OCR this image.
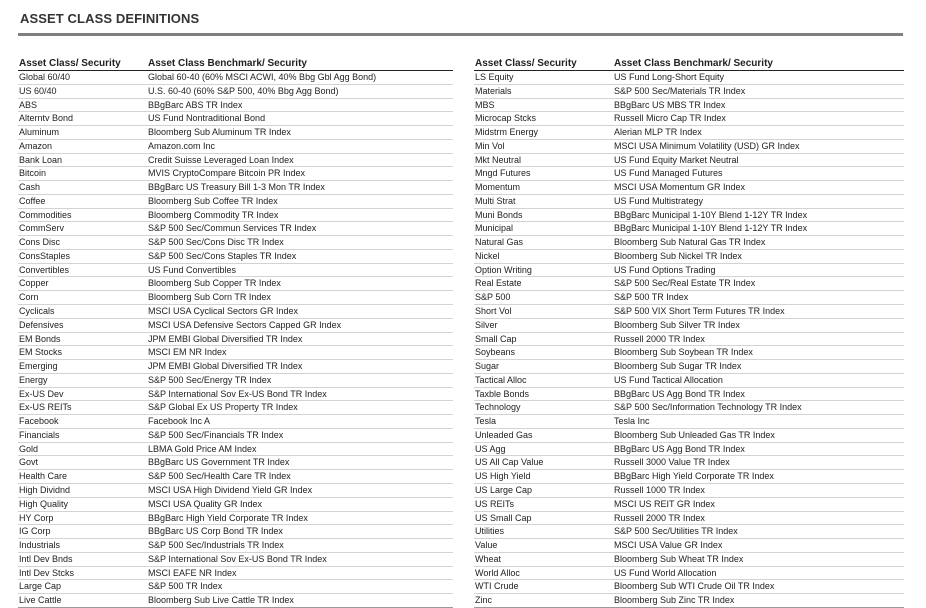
ASSET CLASS DEFINITIONS
Asset Class/ Security	Asset Class Benchmark/ Security
Global 60/40	Global 60-40 (60% MSCI ACWI, 40% Bbg Gbl Agg Bond)
US 60/40	U.S. 60-40 (60% S&P 500, 40% Bbg Agg Bond)
ABS	BBgBarc ABS TR Index
Alterntv Bond	US Fund Nontraditional Bond
Aluminum	Bloomberg Sub Aluminum TR Index
Amazon	Amazon.com Inc
Bank Loan	Credit Suisse Leveraged Loan Index
Bitcoin	MVIS CryptoCompare Bitcoin PR Index
Cash	BBgBarc US Treasury Bill 1-3 Mon TR Index
Coffee	Bloomberg Sub Coffee TR Index
Commodities	Bloomberg Commodity TR Index
CommServ	S&P 500 Sec/Commun Services TR Index
Cons Disc	S&P 500 Sec/Cons Disc TR Index
ConsStaples	S&P 500 Sec/Cons Staples TR Index
Convertibles	US Fund Convertibles
Copper	Bloomberg Sub Copper TR Index
Corn	Bloomberg Sub Corn TR Index
Cyclicals	MSCI USA Cyclical Sectors GR Index
Defensives	MSCI USA Defensive Sectors Capped GR Index
EM Bonds	JPM EMBI Global Diversified TR Index
EM Stocks	MSCI EM NR Index
Emerging	JPM EMBI Global Diversified TR Index
Energy	S&P 500 Sec/Energy TR Index
Ex-US Dev	S&P International Sov Ex-US Bond TR Index
Ex-US REITs	S&P Global Ex US Property TR Index
Facebook	Facebook Inc A
Financials	S&P 500 Sec/Financials TR Index
Gold	LBMA Gold Price AM Index
Govt	BBgBarc US Government TR Index
Health Care	S&P 500 Sec/Health Care TR Index
High Dividnd	MSCI USA High Dividend Yield GR Index
High Quality	MSCI USA Quality GR Index
HY Corp	BBgBarc High Yield Corporate TR Index
IG Corp	BBgBarc US Corp Bond TR Index
Industrials	S&P 500 Sec/Industrials TR Index
Intl Dev Bnds	S&P International Sov Ex-US Bond TR Index
Intl Dev Stcks	MSCI EAFE NR Index
Large Cap	S&P 500 TR Index
Live Cattle	Bloomberg Sub Live Cattle TR Index
Asset Class/ Security	Asset Class Benchmark/ Security
LS Equity	US Fund Long-Short Equity
Materials	S&P 500 Sec/Materials TR Index
MBS	BBgBarc US MBS TR Index
Microcap Stcks	Russell Micro Cap TR Index
Midstrm Energy	Alerian MLP TR Index
Min Vol	MSCI USA Minimum Volatility (USD) GR Index
Mkt Neutral	US Fund Equity Market Neutral
Mngd Futures	US Fund Managed Futures
Momentum	MSCI USA Momentum GR Index
Multi Strat	US Fund Multistrategy
Muni Bonds	BBgBarc Municipal 1-10Y Blend 1-12Y TR Index
Municipal	BBgBarc Municipal 1-10Y Blend 1-12Y TR Index
Natural Gas	Bloomberg Sub Natural Gas TR Index
Nickel	Bloomberg Sub Nickel TR Index
Option Writing	US Fund Options Trading
Real Estate	S&P 500 Sec/Real Estate TR Index
S&P 500	S&P 500 TR Index
Short Vol	S&P 500 VIX Short Term Futures TR Index
Silver	Bloomberg Sub Silver TR Index
Small Cap	Russell 2000 TR Index
Soybeans	Bloomberg Sub Soybean TR Index
Sugar	Bloomberg Sub Sugar TR Index
Tactical Alloc	US Fund Tactical Allocation
Taxble Bonds	BBgBarc US Agg Bond TR Index
Technology	S&P 500 Sec/Information Technology TR Index
Tesla	Tesla Inc
Unleaded Gas	Bloomberg Sub Unleaded Gas TR Index
US Agg	BBgBarc US Agg Bond TR Index
US All Cap Value	Russell 3000 Value TR Index
US High Yield	BBgBarc High Yield Corporate TR Index
US Large Cap	Russell 1000 TR Index
US REITs	MSCI US REIT GR Index
US Small Cap	Russell 2000 TR Index
Utilities	S&P 500 Sec/Utilities TR Index
Value	MSCI USA Value GR Index
Wheat	Bloomberg Sub Wheat TR Index
World Alloc	US Fund World Allocation
WTI Crude	Bloomberg Sub WTI Crude Oil TR Index
Zinc	Bloomberg Sub Zinc TR Index
